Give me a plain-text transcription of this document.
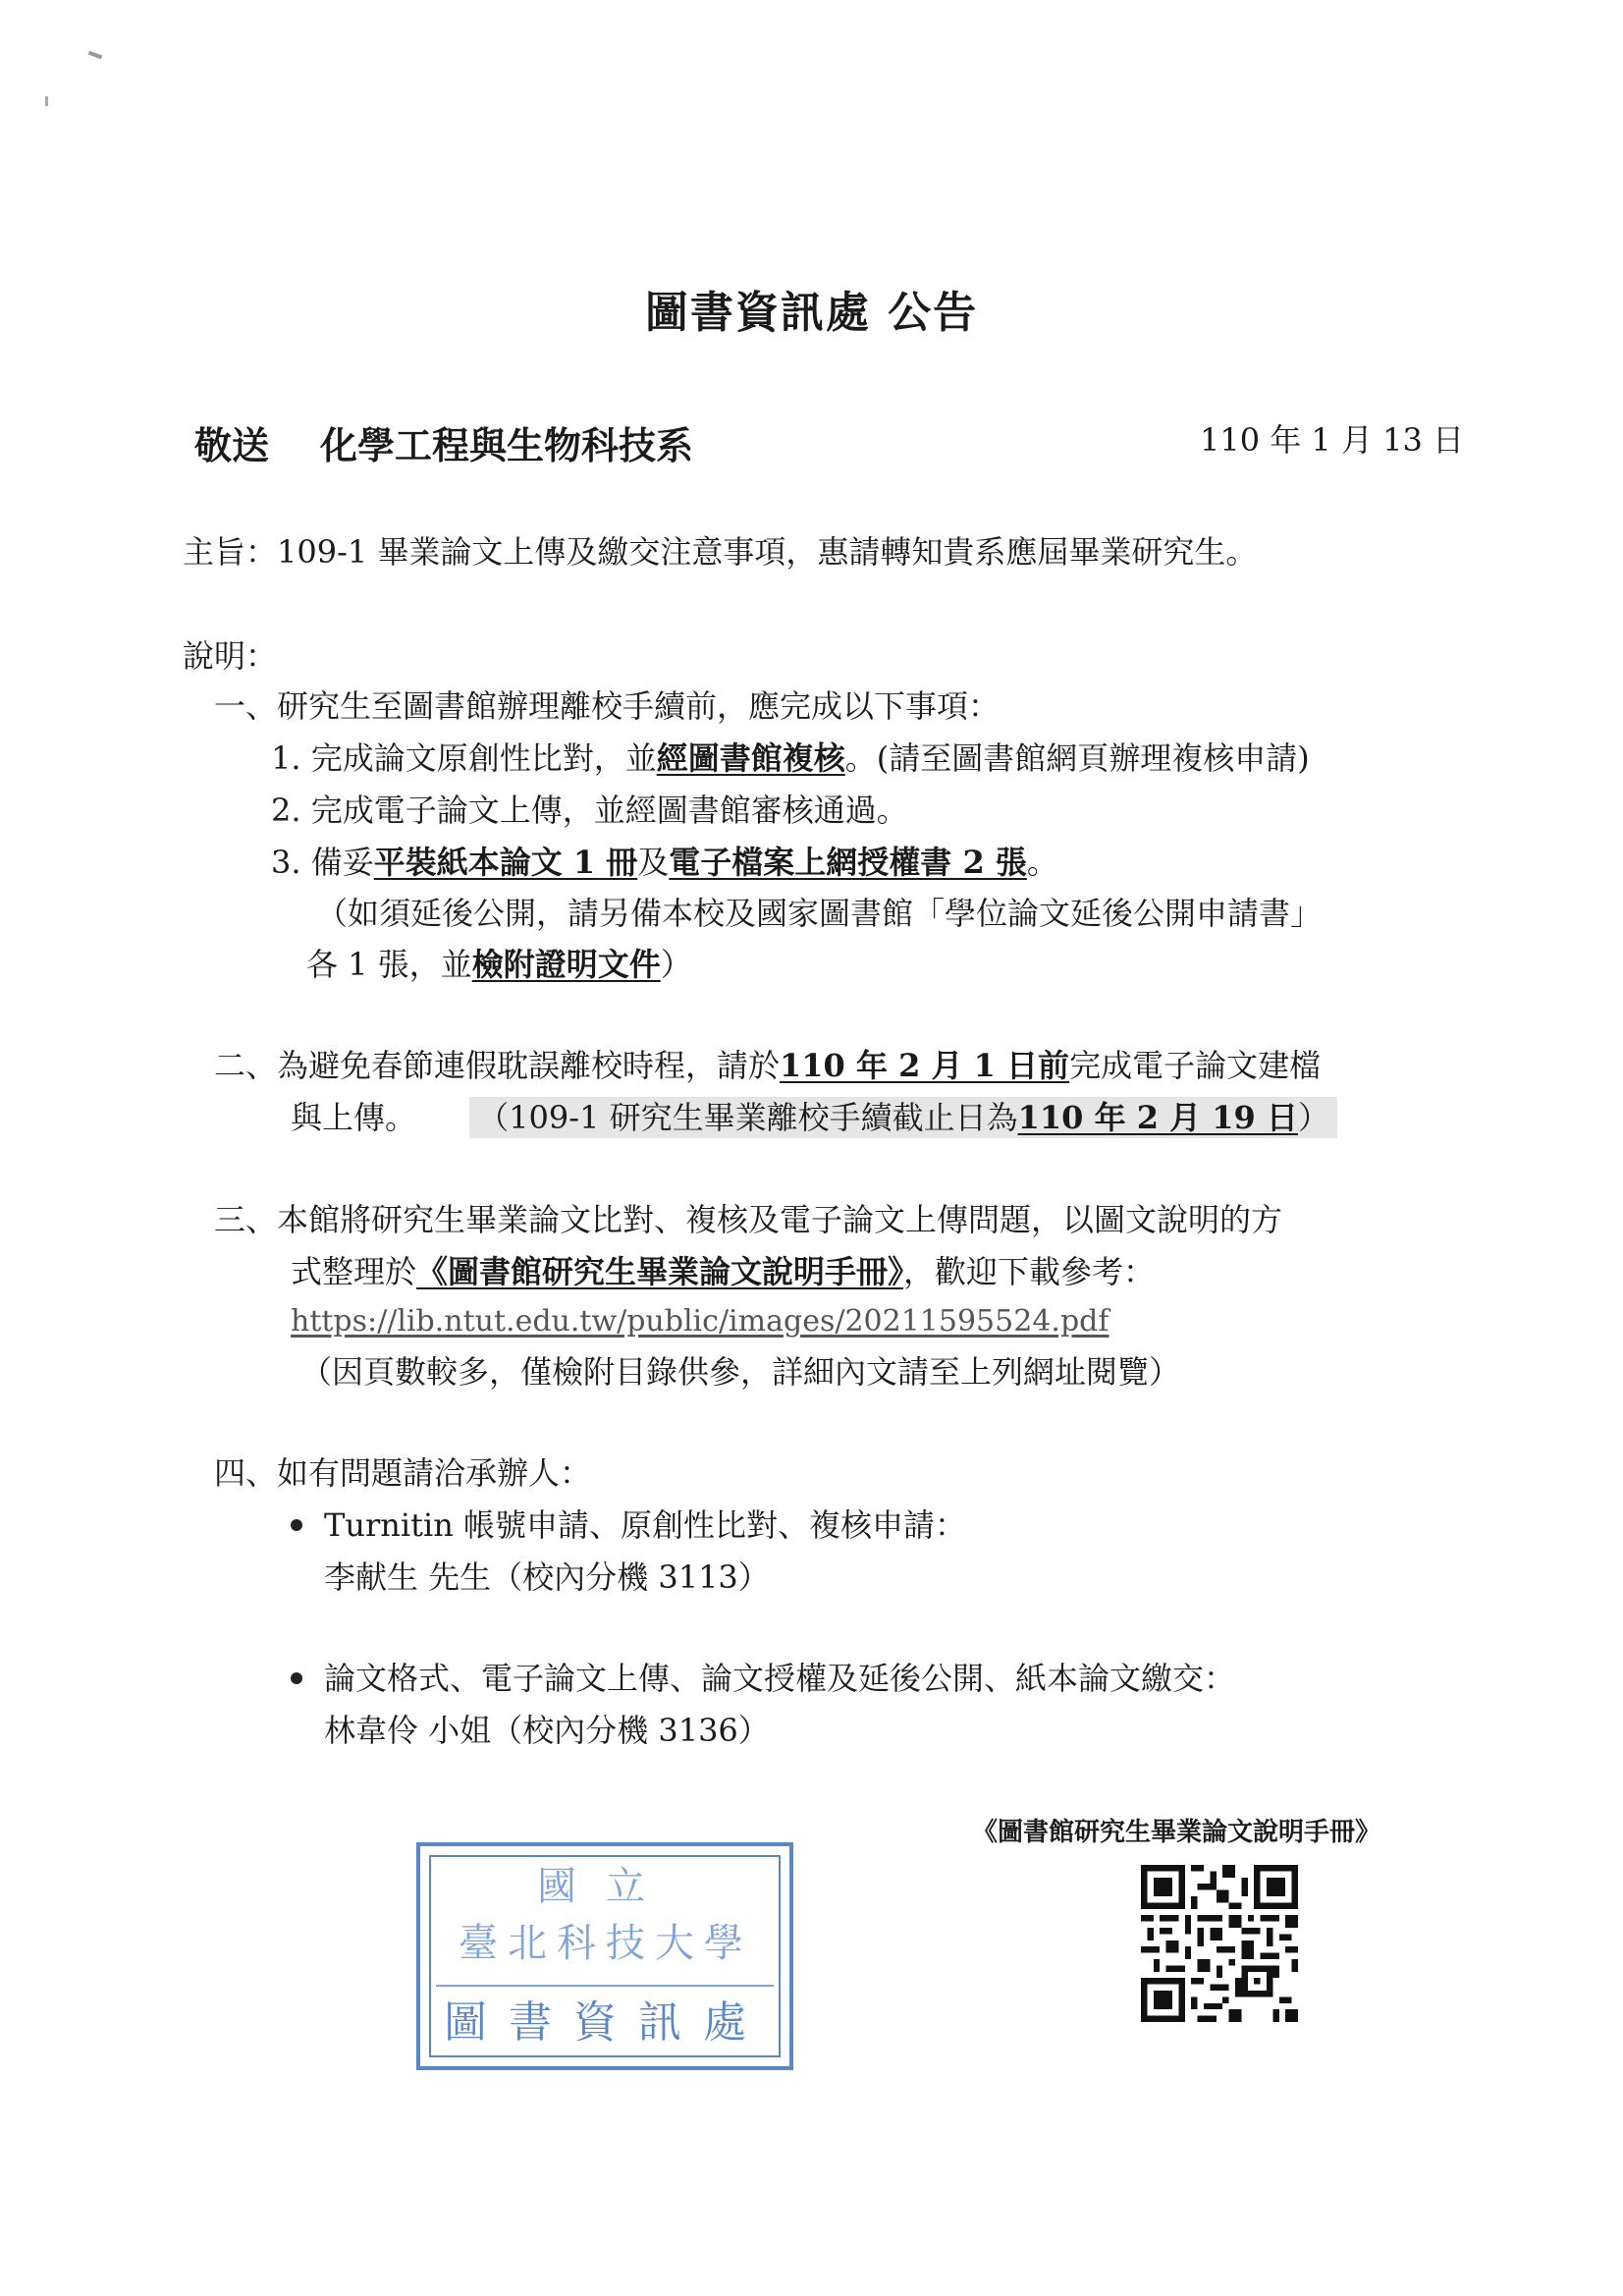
圖書資訊處 公告
敬送 化學工程與生物科技系	110 年 1 月 13 日
主旨：109-1 畢業論文上傳及繳交注意事項，惠請轉知貴系應屆畢業研究生。
說明：
一、研究生至圖書館辦理離校手續前，應完成以下事項：
1. 完成論文原創性比對，並經圖書館複核。(請至圖書館網頁辦理複核申請)
2. 完成電子論文上傳，並經圖書館審核通過。
3. 備妥平裝紙本論文 1 冊及電子檔案上網授權書 2 張。
（如須延後公開，請另備本校及國家圖書館「學位論文延後公開申請書」
各 1 張，並檢附證明文件）
二、為避免春節連假耽誤離校時程，請於110 年 2 月 1 日前完成電子論文建檔
與上傳。 （109-1 研究生畢業離校手續截止日為110 年 2 月 19 日）
三、本館將研究生畢業論文比對、複核及電子論文上傳問題，以圖文說明的方
式整理於《圖書館研究生畢業論文說明手冊》，歡迎下載參考：
https://lib.ntut.edu.tw/public/images/20211595524.pdf
（因頁數較多，僅檢附目錄供參，詳細內文請至上列網址閱覽）
四、如有問題請洽承辦人：
Turnitin 帳號申請、原創性比對、複核申請：
李献生 先生（校內分機 3113）
論文格式、電子論文上傳、論文授權及延後公開、紙本論文繳交：
林韋伶 小姐（校內分機 3136）
《圖書館研究生畢業論文說明手冊》
國立
臺北科技大學
圖書資訊處
